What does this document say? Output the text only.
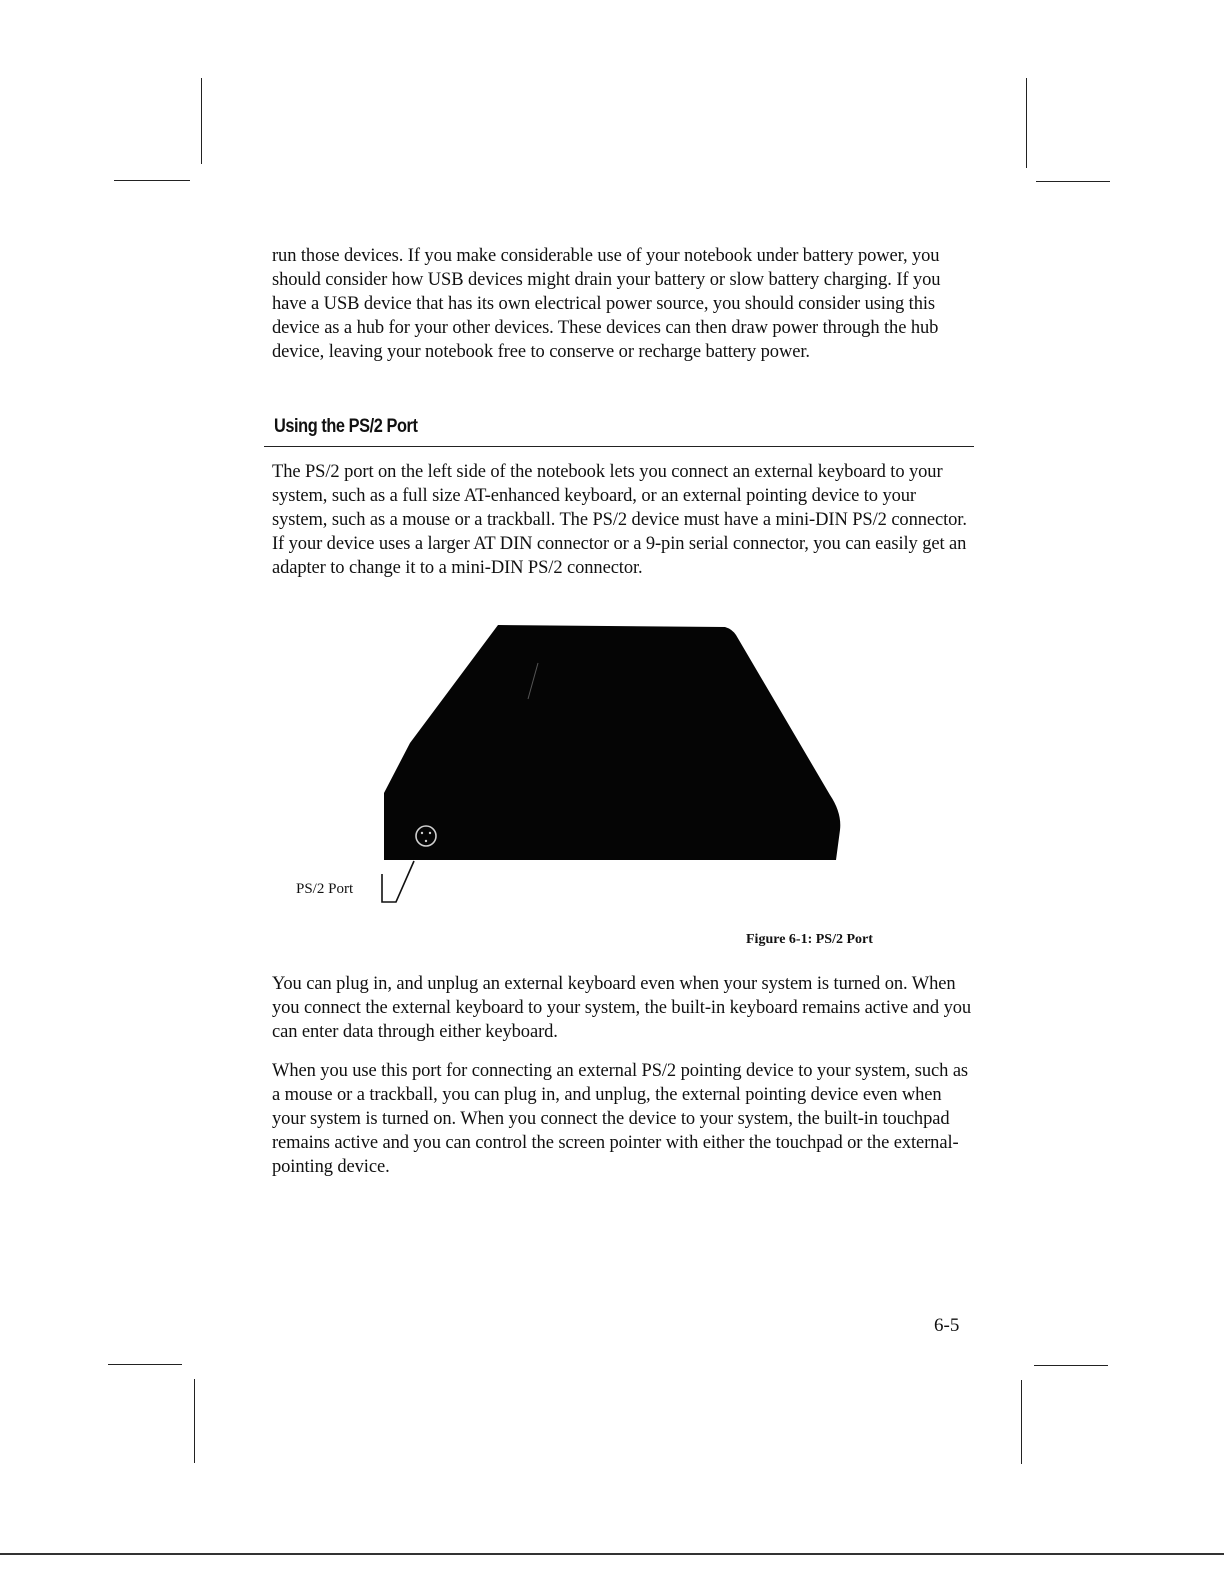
run those devices. If you make considerable use of your notebook under battery power, you should consider how USB devices might drain your battery or slow battery charging. If you have a USB device that has its own electrical power source, you should consider using this device as a hub for your other devices. These devices can then draw power through the hub device, leaving your notebook free to conserve or recharge battery power.

Using the PS/2 Port

The PS/2 port on the left side of the notebook lets you connect an external keyboard to your system, such as a full size AT-enhanced keyboard, or an external pointing device to your system, such as a mouse or a trackball. The PS/2 device must have a mini-DIN PS/2 connector. If your device uses a larger AT DIN connector or a 9-pin serial connector, you can easily get an adapter to change it to a mini-DIN PS/2 connector.

PS/2 Port
Figure 6-1: PS/2 Port

You can plug in, and unplug an external keyboard even when your system is turned on. When you connect the external keyboard to your system, the built-in keyboard remains active and you can enter data through either keyboard.

When you use this port for connecting an external PS/2 pointing device to your system, such as a mouse or a trackball, you can plug in, and unplug, the external pointing device even when your system is turned on. When you connect the device to your system, the built-in touchpad remains active and you can control the screen pointer with either the touchpad or the external-pointing device.

6-5
